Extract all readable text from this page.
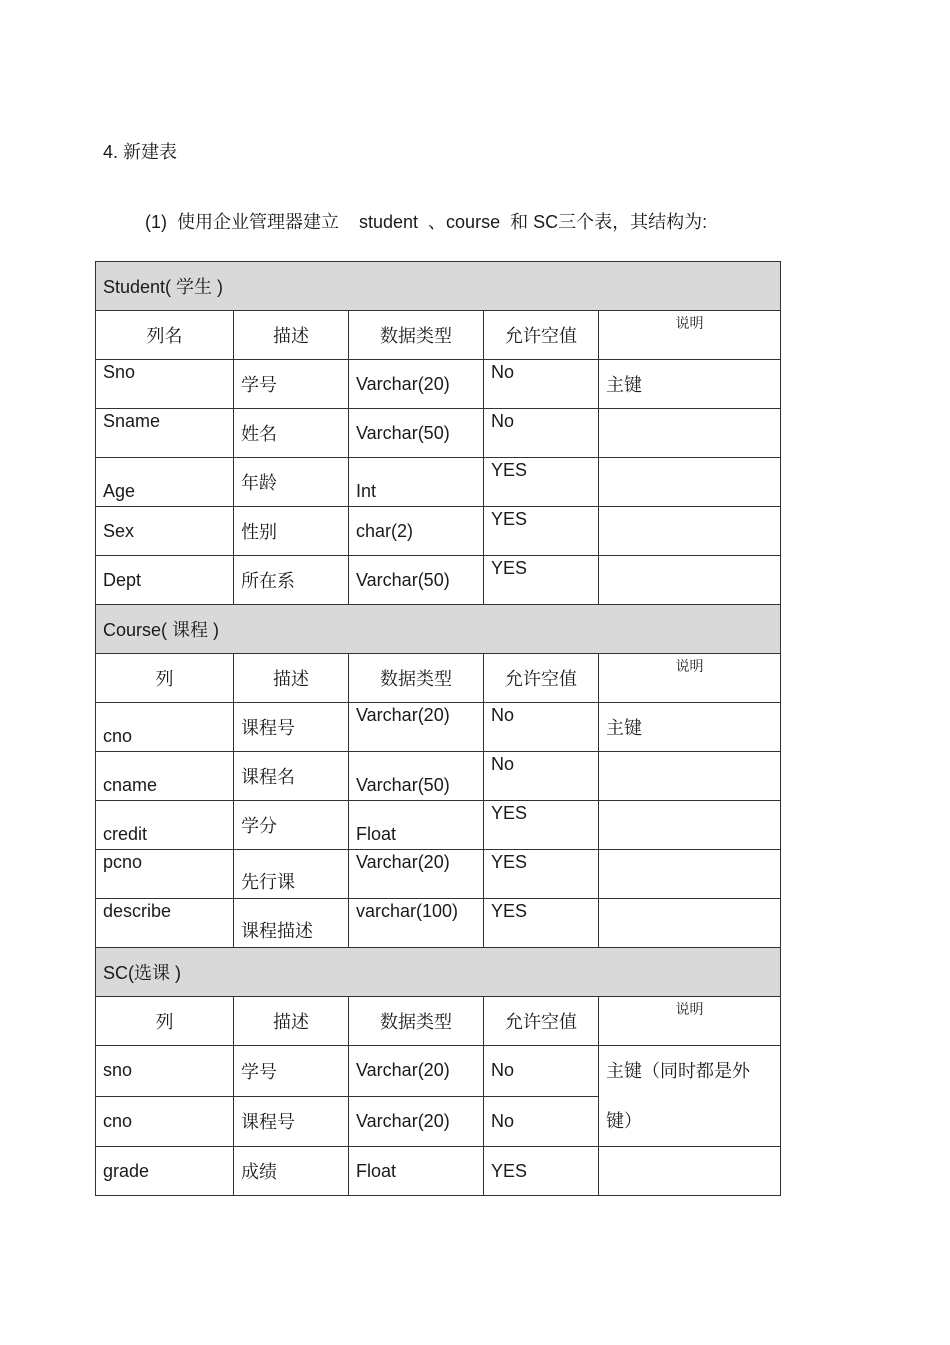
4. 新建表
(1)  使用企业管理器建立    student  、course  和 SC三个表，其结构为:
Student( 学生 )				
列名	描述	数据类型	允许空值	说明
Sno	学号	Varchar(20)	No	主键
Sname	姓名	Varchar(50)	No	
Age	年龄	Int	YES	
Sex	性别	char(2)	YES	
Dept	所在系	Varchar(50)	YES	
Course( 课程 )				
列	描述	数据类型	允许空值	说明
cno	课程号	Varchar(20)	No	主键
cname	课程名	Varchar(50)	No	
credit	学分	Float	YES	
pcno	先行课	Varchar(20)	YES	
describe	课程描述	varchar(100)	YES	
SC(选课 )				
列	描述	数据类型	允许空值	说明
sno	学号	Varchar(20)	No	主键（同时都是外键）
cno	课程号	Varchar(20)	No	
grade	成绩	Float	YES	
